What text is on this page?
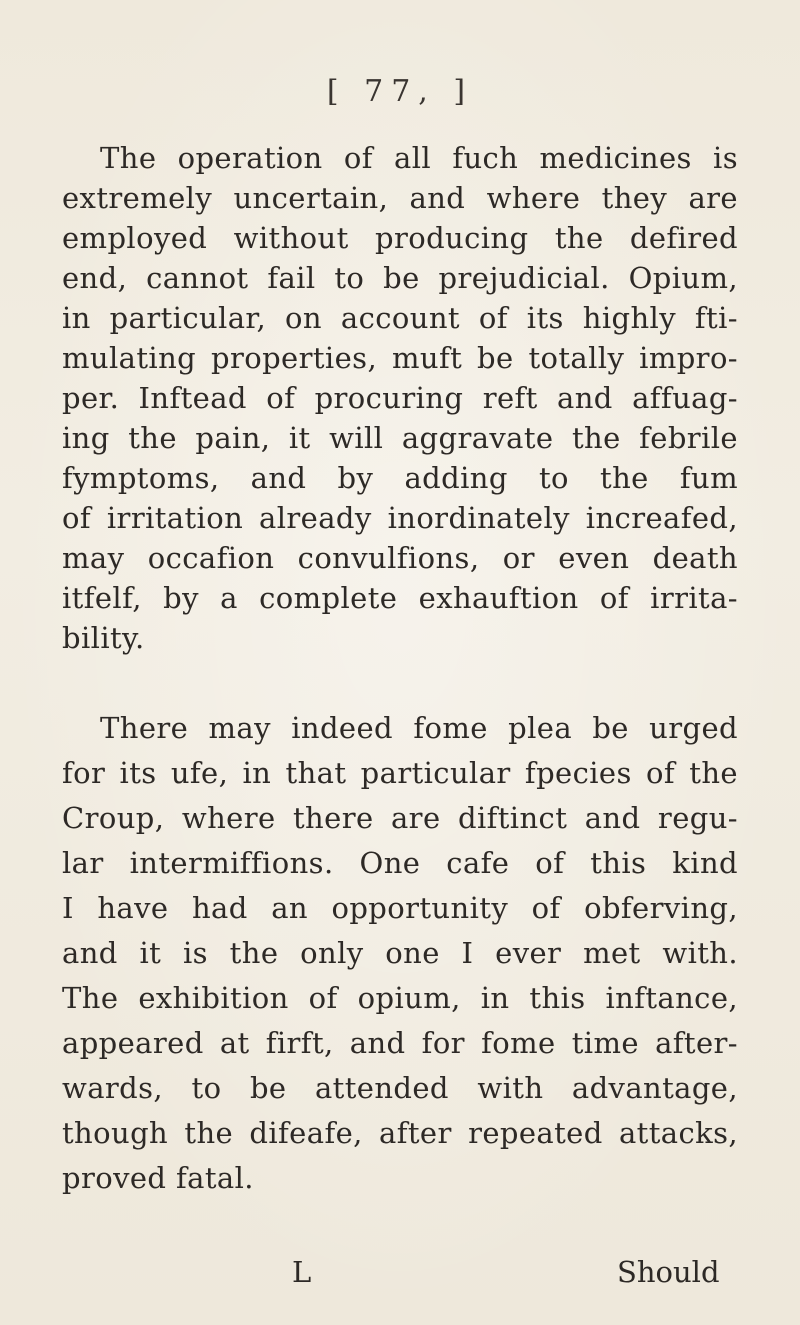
[ 77, ]
The operation of all fuch medicines is
extremely uncertain, and where they are
employed without producing the defired
end, cannot fail to be prejudicial. Opium,
in particular, on account of its highly fti-
mulating properties, muft be totally impro-
per. Inftead of procuring reft and affuag-
ing the pain, it will aggravate the febrile
fymptoms, and by adding to the fum
of irritation already inordinately increafed,
may occafion convulfions, or even death
itfelf, by a complete exhauftion of irrita-
bility.
There may indeed fome plea be urged
for its ufe, in that particular fpecies of the
Croup, where there are diftinct and regu-
lar intermiffions. One cafe of this kind
I have had an opportunity of obferving,
and it is the only one I ever met with.
The exhibition of opium, in this inftance,
appeared at firft, and for fome time after-
wards, to be attended with advantage,
though the difeafe, after repeated attacks,
proved fatal.
L	Should
